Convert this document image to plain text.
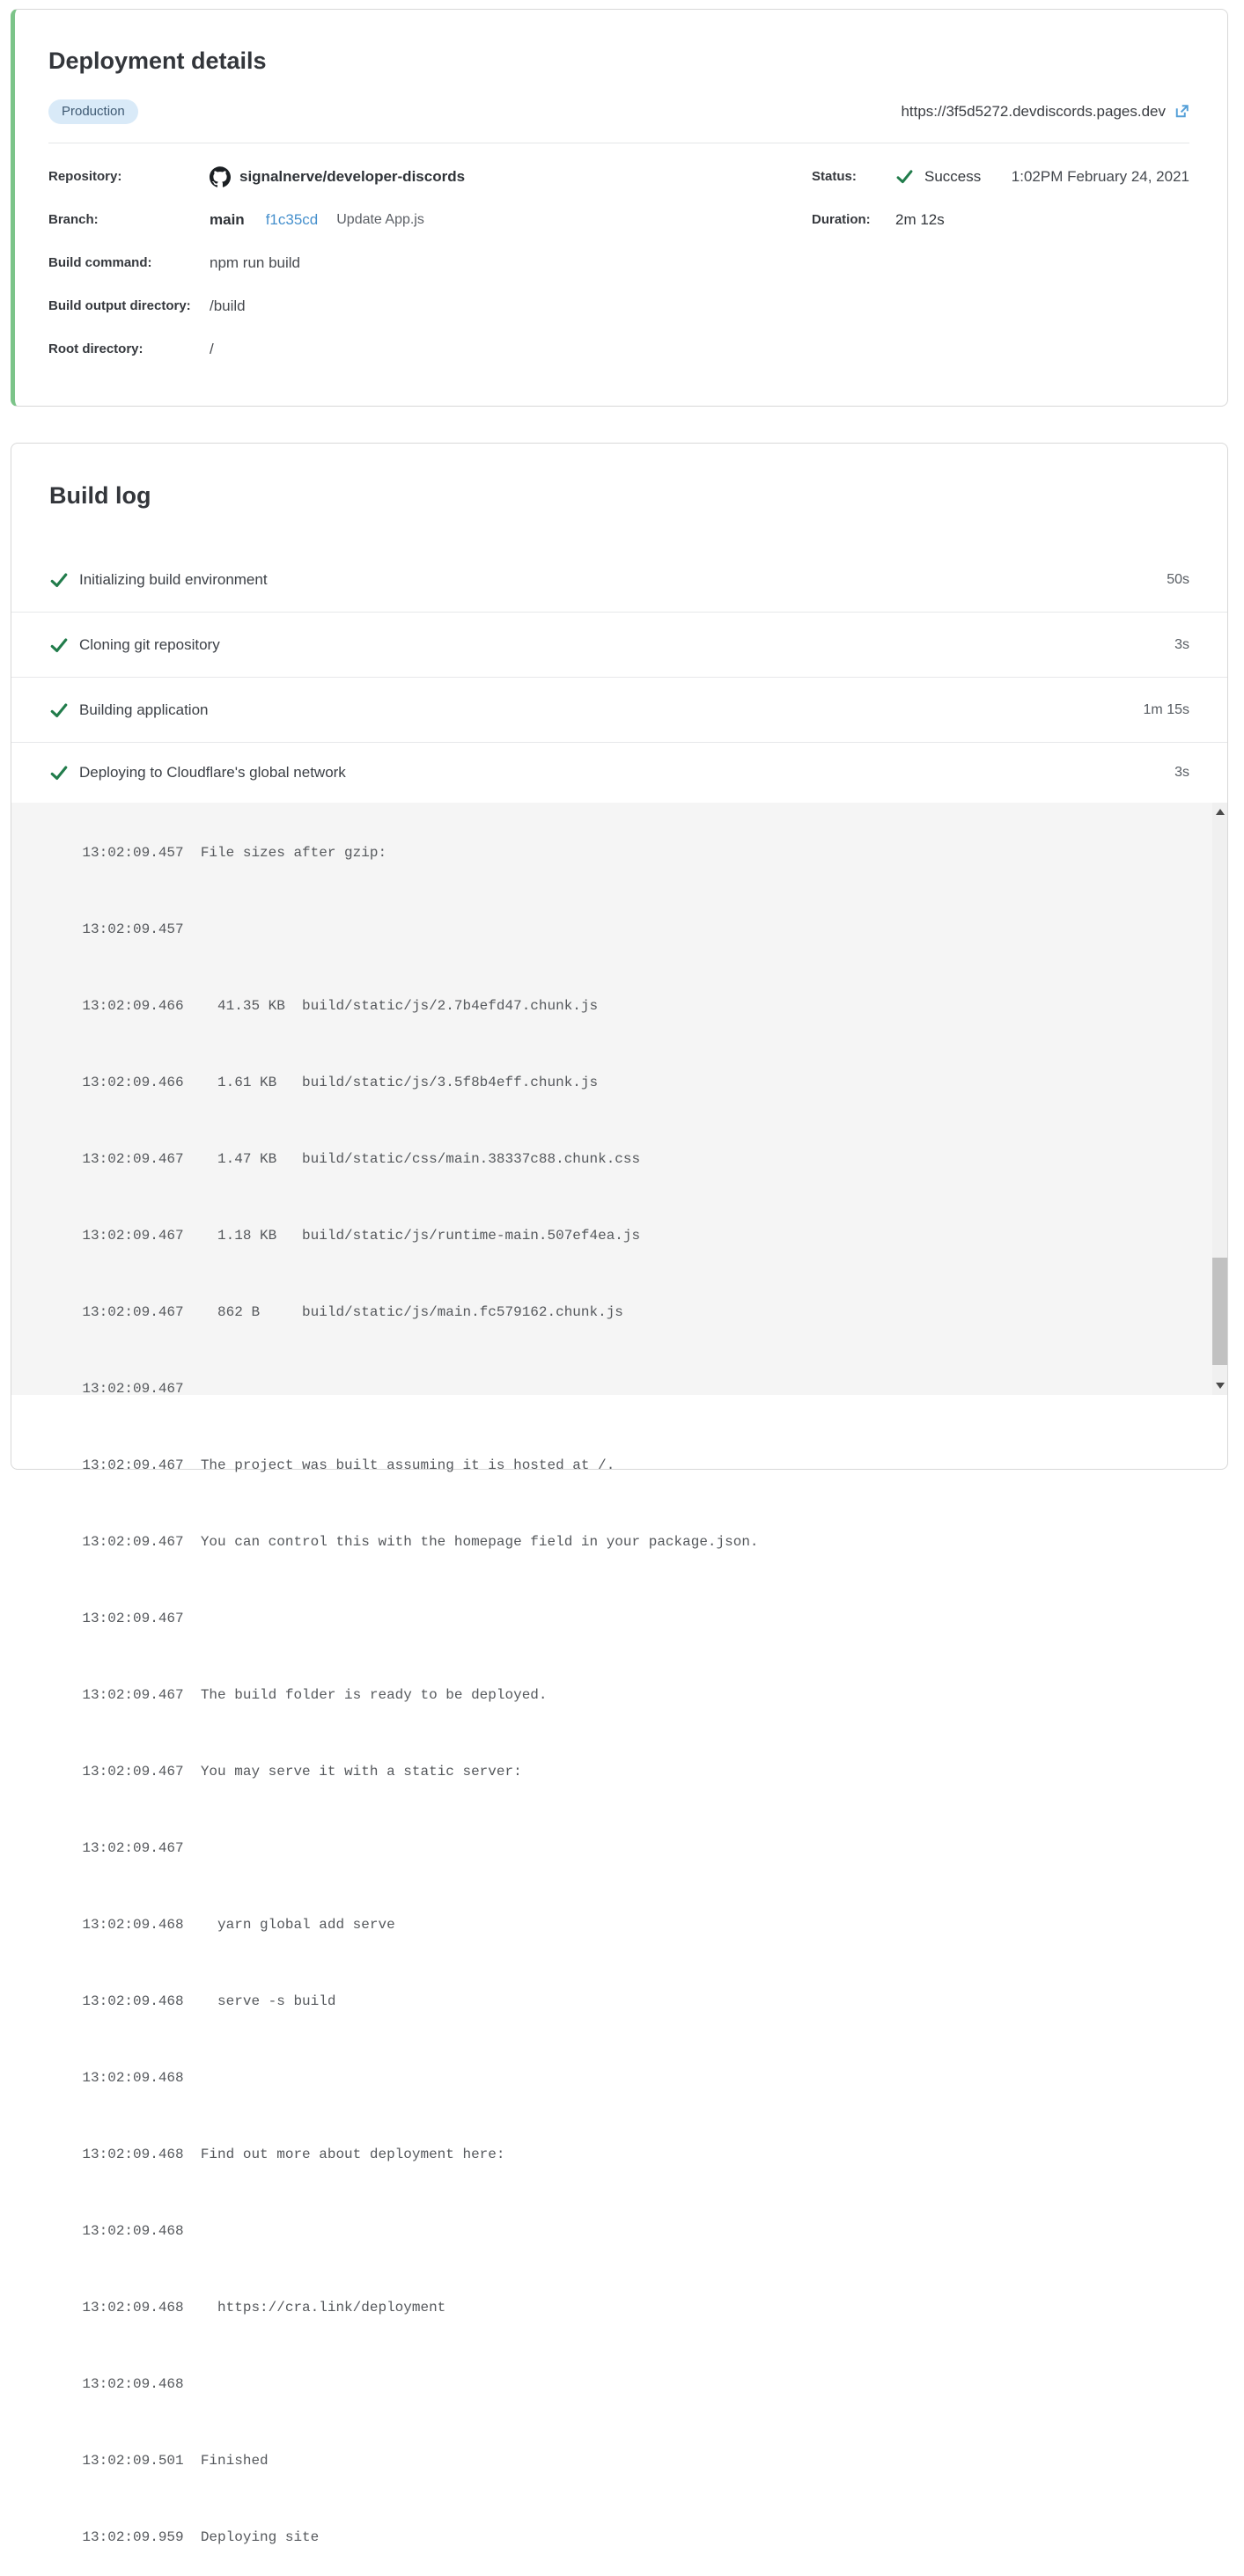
Deployment details
Production	https://3f5d5272.devdiscords.pages.dev
Repository:	signalnerve/developer-discords
Branch:	main f1c35cd Update App.js
Build command:	npm run build
Build output directory:	/build
Root directory:	/
Status:	Success 1:02PM February 24, 2021
Duration:	2m 12s
Build log
Initializing build environment	50s
Cloning git repository	3s
Building application	1m 15s
Deploying to Cloudflare's global network	3s

13:02:09.457 File sizes after gzip:

13:02:09.457

13:02:09.466  41.35 KB  build/static/js/2.7b4efd47.chunk.js

13:02:09.466  1.61 KB   build/static/js/3.5f8b4eff.chunk.js

13:02:09.467  1.47 KB   build/static/css/main.38337c88.chunk.css

13:02:09.467  1.18 KB   build/static/js/runtime-main.507ef4ea.js

13:02:09.467  862 B     build/static/js/main.fc579162.chunk.js

13:02:09.467

13:02:09.467 The project was built assuming it is hosted at /.

13:02:09.467 You can control this with the homepage field in your package.json.

13:02:09.467

13:02:09.467 The build folder is ready to be deployed.

13:02:09.467 You may serve it with a static server:

13:02:09.467

13:02:09.468  yarn global add serve

13:02:09.468  serve -s build

13:02:09.468

13:02:09.468 Find out more about deployment here:

13:02:09.468

13:02:09.468  https://cra.link/deployment

13:02:09.468

13:02:09.501 Finished

13:02:09.959 Deploying site
